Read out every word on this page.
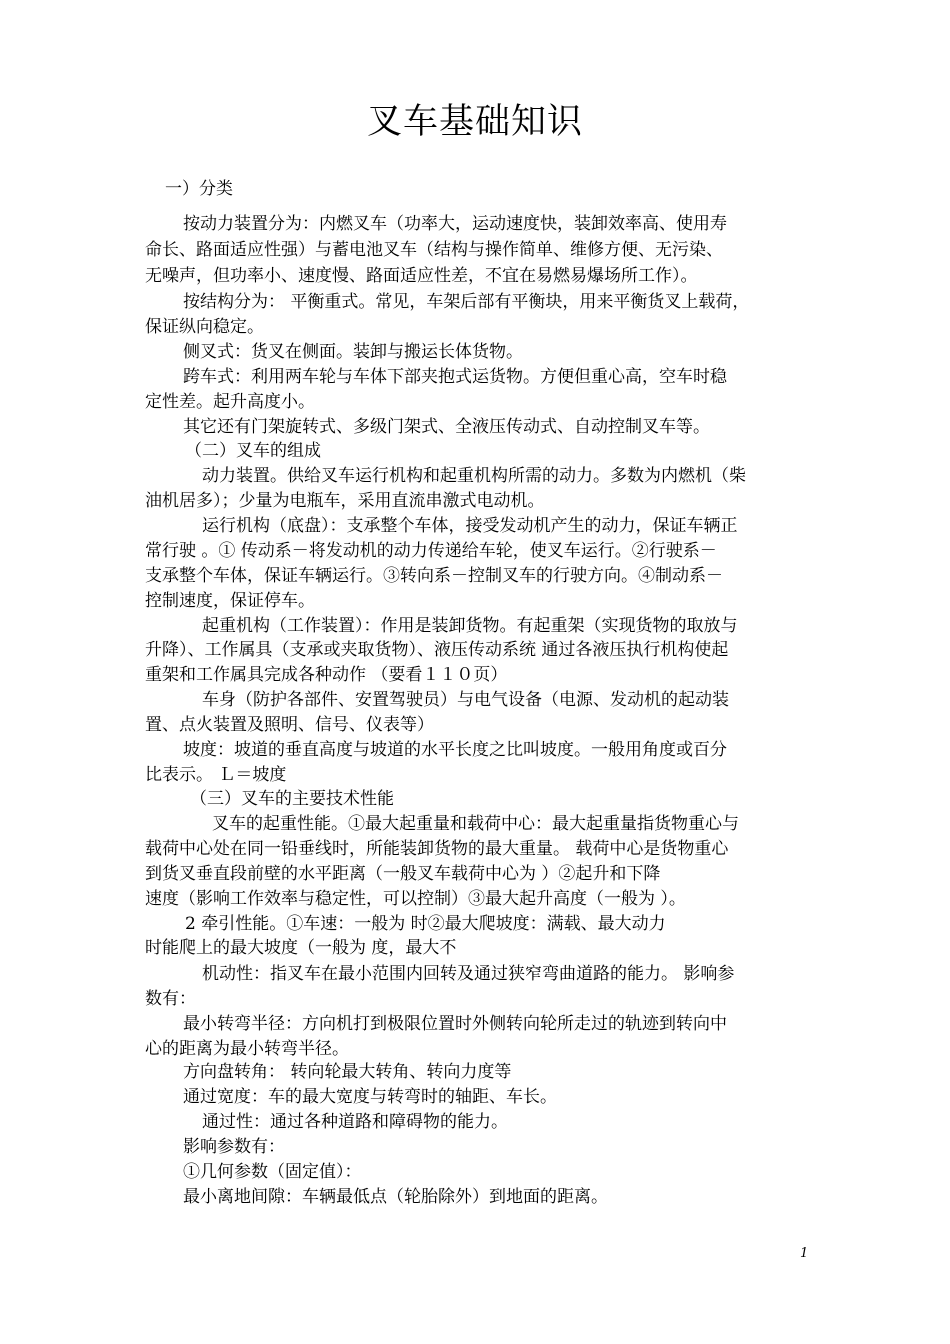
叉车基础知识
一）分类
按动力装置分为：内燃叉车（功率大，运动速度快，装卸效率高、使用寿
命长、路面适应性强）与蓄电池叉车（结构与操作简单、维修方便、无污染、
无噪声，但功率小、速度慢、路面适应性差，不宜在易燃易爆场所工作）。
按结构分为： 平衡重式。常见，车架后部有平衡块，用来平衡货叉上载荷，
保证纵向稳定。
侧叉式：货叉在侧面。装卸与搬运长体货物。
跨车式：利用两车轮与车体下部夹抱式运货物。方便但重心高，空车时稳
定性差。起升高度小。
其它还有门架旋转式、多级门架式、全液压传动式、自动控制叉车等。
（二）叉车的组成
动力装置。供给叉车运行机构和起重机构所需的动力。多数为内燃机（柴
油机居多）；少量为电瓶车，采用直流串激式电动机。
运行机构（底盘）：支承整个车体，接受发动机产生的动力，保证车辆正
常行驶 。① 传动系－将发动机的动力传递给车轮，使叉车运行。②行驶系－
支承整个车体，保证车辆运行。③转向系－控制叉车的行驶方向。④制动系－
控制速度，保证停车。
起重机构（工作装置）：作用是装卸货物。有起重架（实现货物的取放与
升降）、工作属具（支承或夹取货物）、液压传动系统 通过各液压执行机构使起
重架和工作属具完成各种动作 （要看１１０页）
车身（防护各部件、安置驾驶员）与电气设备（电源、发动机的起动装
置、点火装置及照明、信号、仪表等）
坡度：坡道的垂直高度与坡道的水平长度之比叫坡度。一般用角度或百分
比表示。 Ｌ＝坡度
（三）叉车的主要技术性能
叉车的起重性能。①最大起重量和载荷中心：最大起重量指货物重心与
载荷中心处在同一铅垂线时，所能装卸货物的最大重量。 载荷中心是货物重心
到货叉垂直段前壁的水平距离（一般叉车载荷中心为 ）②起升和下降
速度（影响工作效率与稳定性，可以控制）③最大起升高度（一般为 ）。
2 牵引性能。①车速：一般为 时②最大爬坡度：满载、最大动力
时能爬上的最大坡度（一般为 度，最大不
机动性：指叉车在最小范围内回转及通过狭窄弯曲道路的能力。 影响参
数有：
最小转弯半径：方向机打到极限位置时外侧转向轮所走过的轨迹到转向中
心的距离为最小转弯半径。
方向盘转角： 转向轮最大转角、转向力度等
通过宽度：车的最大宽度与转弯时的轴距、车长。
通过性：通过各种道路和障碍物的能力。
影响参数有：
①几何参数（固定值）：
最小离地间隙：车辆最低点（轮胎除外）到地面的距离。
1
